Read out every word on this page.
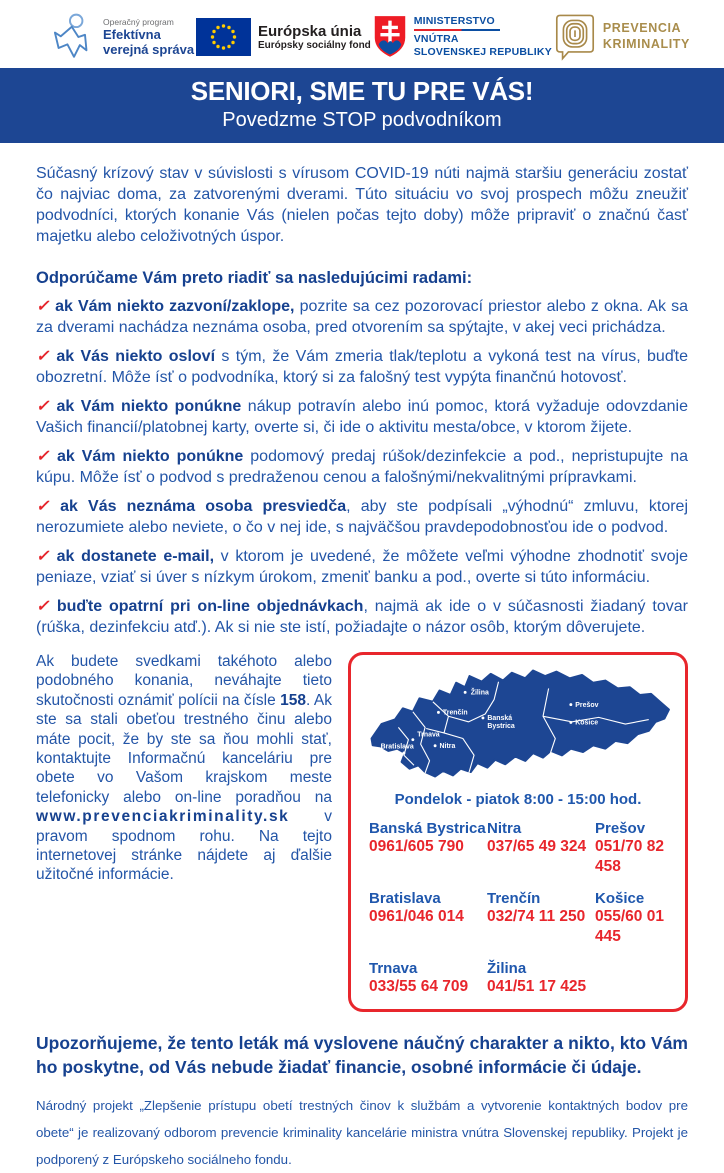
Operačný program
Efektívna
verejná správa
Európska únia
Európsky sociálny fond
MINISTERSTVO
VNÚTRA
SLOVENSKEJ REPUBLIKY
PREVENCIA
KRIMINALITY
SENIORI, SME TU PRE VÁS!
Povedzme STOP podvodníkom

Súčasný krízový stav v súvislosti s vírusom COVID-19 núti najmä staršiu generáciu zostať čo najviac doma, za zatvorenými dverami. Túto situáciu vo svoj prospech môžu zneužiť podvodníci, ktorých konanie Vás (nielen počas tejto doby) môže pripraviť o značnú časť majetku alebo celoživotných úspor.

Odporúčame Vám preto riadiť sa nasledujúcimi radami:

✓ ak Vám niekto zazvoní/zaklope, pozrite sa cez pozorovací priestor alebo z okna. Ak sa za dverami nachádza neznáma osoba, pred otvorením sa spýtajte, v akej veci prichádza.

✓ ak Vás niekto osloví s tým, že Vám zmeria tlak/teplotu a vykoná test na vírus, buďte obozretní. Môže ísť o podvodníka, ktorý si za falošný test vypýta finančnú hotovosť.

✓ ak Vám niekto ponúkne nákup potravín alebo inú pomoc, ktorá vyžaduje odovzdanie Vašich financií/platobnej karty, overte si, či ide o aktivitu mesta/obce, v ktorom žijete.

✓ ak Vám niekto ponúkne podomový predaj rúšok/dezinfekcie a pod., nepristupujte na kúpu. Môže ísť o podvod s predraženou cenou a falošnými/nekvalitnými prípravkami.

✓ ak Vás neznáma osoba presviedča, aby ste podpísali „výhodnú“ zmluvu, ktorej nerozumiete alebo neviete, o čo v nej ide, s najväčšou pravdepodobnosťou ide o podvod.

✓ ak dostanete e-mail, v ktorom je uvedené, že môžete veľmi výhodne zhodnotiť svoje peniaze, vziať si úver s nízkym úrokom, zmeniť banku a pod., overte si túto informáciu.

✓ buďte opatrní pri on-line objednávkach, najmä ak ide o v súčasnosti žiadaný tovar (rúška, dezinfekciu atď.). Ak si nie ste istí, požiadajte o názor osôb, ktorým dôverujete.

Ak budete svedkami takéhoto alebo podobného konania, neváhajte tieto skutočnosti oznámiť polícii na čísle 158. Ak ste sa stali obeťou trestného činu alebo máte pocit, že by ste sa ňou mohli stať, kontaktujte Informačnú kanceláriu pre obete vo Vašom krajskom meste telefonicky alebo on-line poradňou na www.prevenciakriminality.sk v pravom spodnom rohu. Na tejto internetovej stránke nájdete aj ďalšie užitočné informácie.

Žilina
Trenčín
Banská
Bystrica
Prešov
Košice
Trnava
Bratislava Nitra
Pondelok - piatok 8:00 - 15:00 hod.
Banská Bystrica
0961/605 790
Nitra
037/65 49 324
Prešov
051/70 82 458
Bratislava
0961/046 014
Trenčín
032/74 11 250
Košice
055/60 01 445
Trnava
033/55 64 709
Žilina
041/51 17 425

Upozorňujeme, že tento leták má vyslovene náučný charakter a nikto, kto Vám ho poskytne, od Vás nebude žiadať financie, osobné informácie či údaje.

Národný projekt „Zlepšenie prístupu obetí trestných činov k službám a vytvorenie kontaktných bodov pre obete“ je realizovaný odborom prevencie kriminality kancelárie ministra vnútra Slovenskej republiky. Projekt je podporený z Európskeho sociálneho fondu.
